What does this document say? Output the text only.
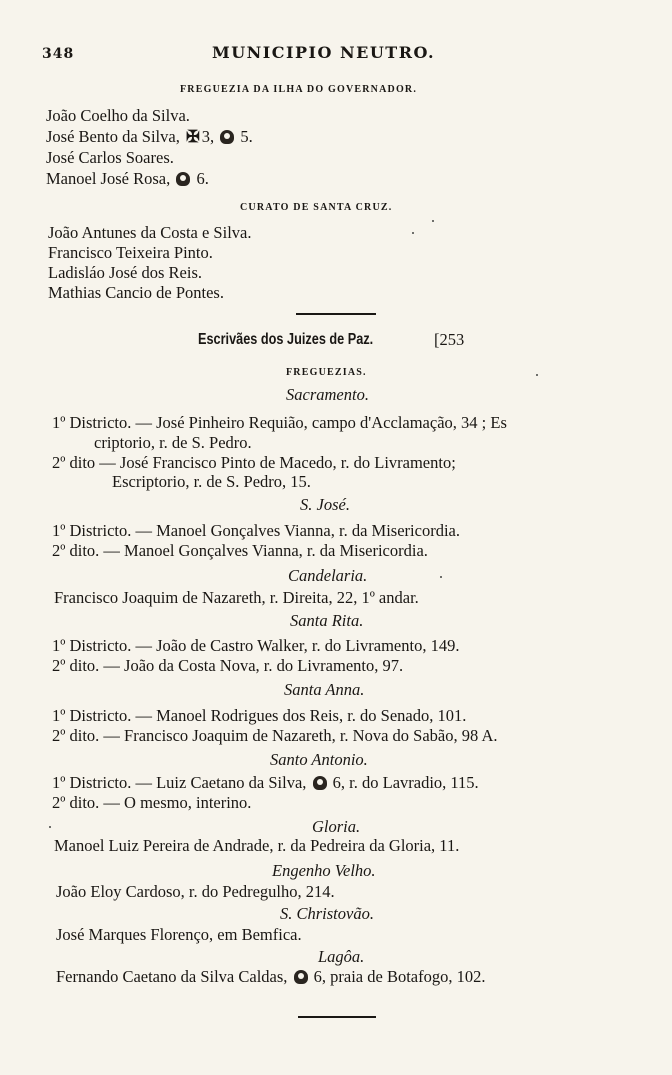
348	MUNICIPIO NEUTRO.
FREGUEZIA DA ILHA DO GOVERNADOR.
João Coelho da Silva.
José Bento da Silva, ✠ 3, 5.
José Carlos Soares.
Manoel José Rosa, 6.
CURATO DE SANTA CRUZ.
João Antunes da Costa e Silva.
Francisco Teixeira Pinto.
Ladisláo José dos Reis.
Mathias Cancio de Pontes.
Escrivães dos Juizes de Paz.	[253
FREGUEZIAS.
Sacramento.
1º Districto. — José Pinheiro Requião, campo d'Acclamação, 34 ; Es
criptorio, r. de S. Pedro.
2º dito — José Francisco Pinto de Macedo, r. do Livramento;
Escriptorio, r. de S. Pedro, 15.
S. José.
1º Districto. — Manoel Gonçalves Vianna, r. da Misericordia.
2º dito. — Manoel Gonçalves Vianna, r. da Misericordia.
Candelaria.
Francisco Joaquim de Nazareth, r. Direita, 22, 1º andar.
Santa Rita.
1º Districto. — João de Castro Walker, r. do Livramento, 149.
2º dito. — João da Costa Nova, r. do Livramento, 97.
Santa Anna.
1º Districto. — Manoel Rodrigues dos Reis, r. do Senado, 101.
2º dito. — Francisco Joaquim de Nazareth, r. Nova do Sabão, 98 A.
Santo Antonio.
1º Districto. — Luiz Caetano da Silva, 6, r. do Lavradio, 115.
2º dito. — O mesmo, interino.
Gloria.
Manoel Luiz Pereira de Andrade, r. da Pedreira da Gloria, 11.
Engenho Velho.
João Eloy Cardoso, r. do Pedregulho, 214.
S. Christovão.
José Marques Florenço, em Bemfica.
Lagôa.
Fernando Caetano da Silva Caldas, 6, praia de Botafogo, 102.
